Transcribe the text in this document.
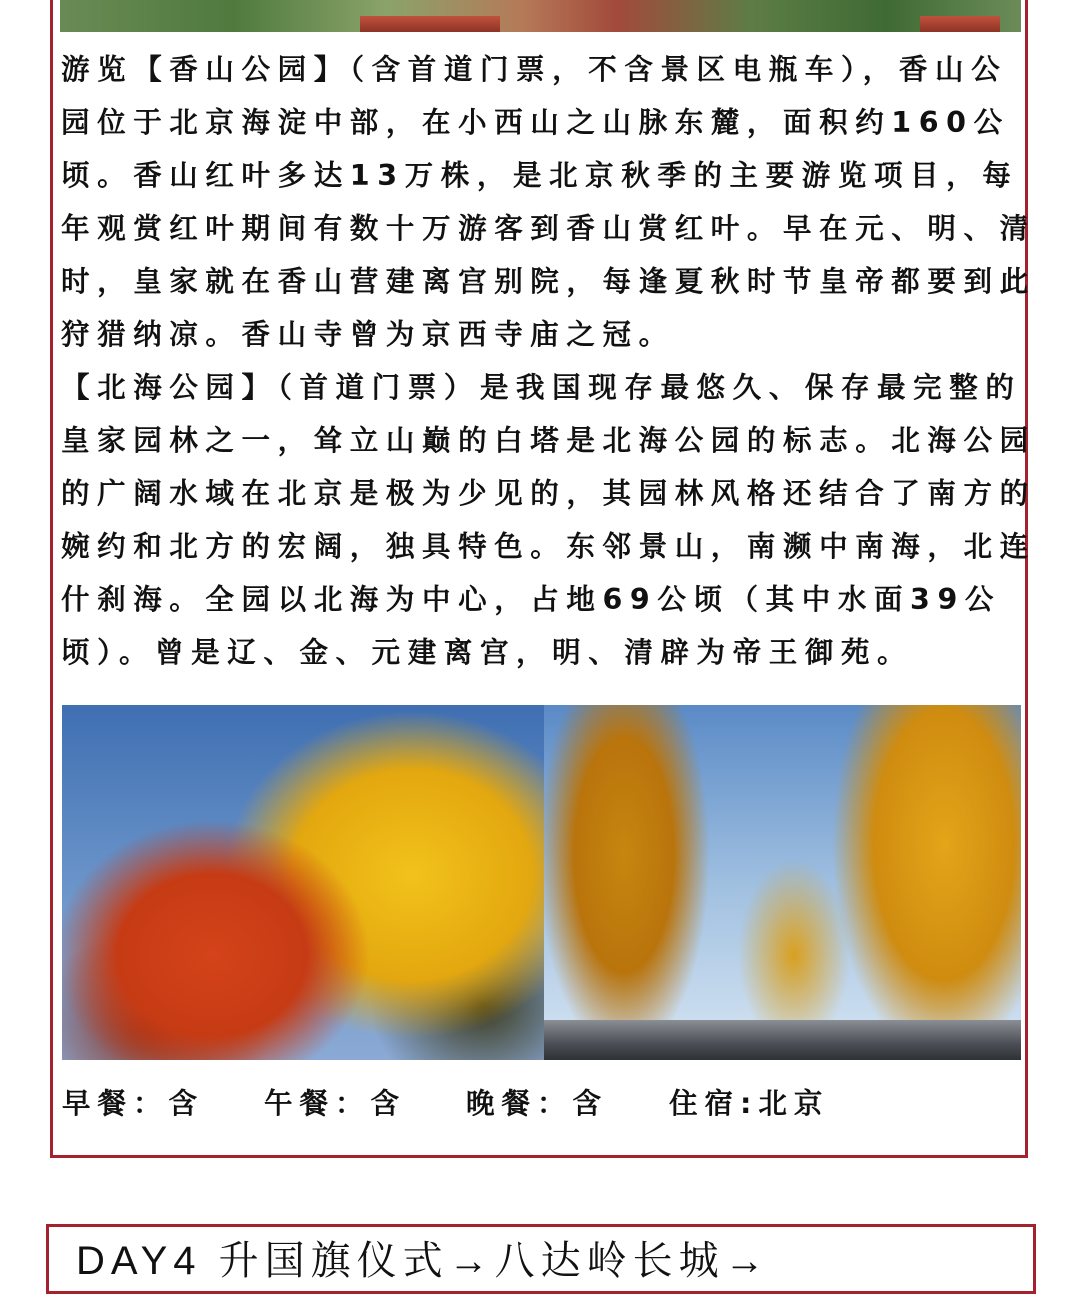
游览【香山公园】（含首道门票，不含景区电瓶车），香山公园位于北京海淀中部，在小西山之山脉东麓，面积约160公顷。香山红叶多达13万株，是北京秋季的主要游览项目，每年观赏红叶期间有数十万游客到香山赏红叶。早在元、明、清时，皇家就在香山营建离宫别院，每逢夏秋时节皇帝都要到此狩猎纳凉。香山寺曾为京西寺庙之冠。

【北海公园】（首道门票）是我国现存最悠久、保存最完整的皇家园林之一，耸立山巅的白塔是北海公园的标志。北海公园的广阔水域在北京是极为少见的，其园林风格还结合了南方的婉约和北方的宏阔，独具特色。东邻景山，南濒中南海，北连什刹海。全园以北海为中心，占地69公顷（其中水面39公顷）。曾是辽、金、元建离宫，明、清辟为帝王御苑。

早餐：含 午餐：含 晚餐：含 住宿:北京
DAY4 升国旗仪式→八达岭长城→
